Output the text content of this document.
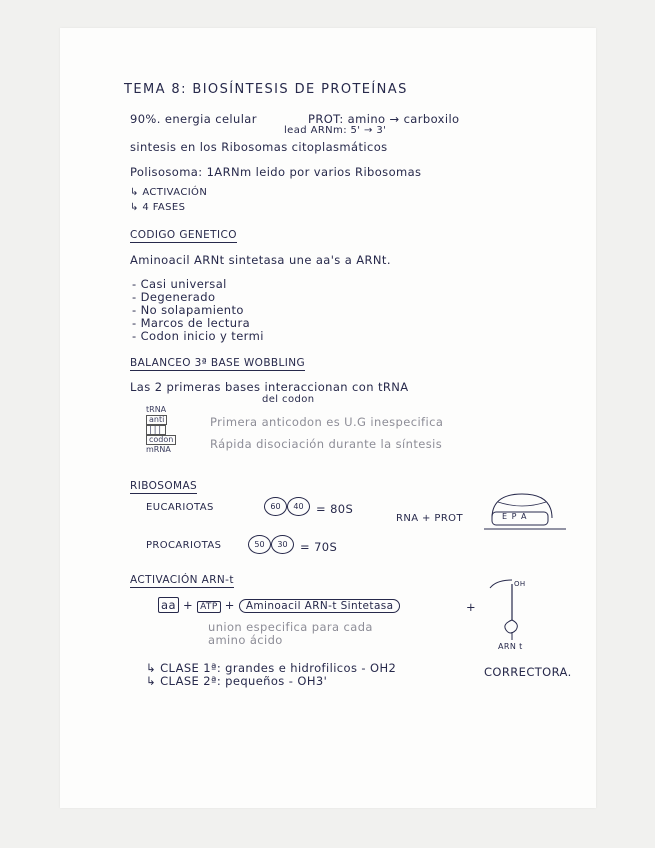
TEMA 8: BIOSÍNTESIS DE PROTEÍNAS
90%. energia celular	PROT: amino → carboxilo
lead ARNm: 5' → 3'
sintesis en los Ribosomas citoplasmáticos
Polisosoma: 1ARNm leido por varios Ribosomas
↳ ACTIVACIÓN
↳ 4 FASES
CODIGO GENETICO
Aminoacil ARNt sintetasa une aa's a ARNt.
- Casi universal
- Degenerado
- No solapamiento
- Marcos de lectura
- Codon inicio y termi
BALANCEO 3ª BASE WOBBLING
Las 2 primeras bases interaccionan con tRNA
del codon
tRNA
anti
|||
codon
mRNA
Primera anticodon es U.G inespecifica
Rápida disociación durante la síntesis
RIBOSOMAS
EUCARIOTAS	60 40	= 80S
PROCARIOTAS	50 30	= 70S
RNA + PROT	E P A
ACTIVACIÓN ARN-t
aa + ATP + Aminoacil ARN-t Sintetasa	+
OH
ARN t
union especifica para cada
amino ácido
↳ CLASE 1ª: grandes e hidrofilicos - OH2
↳ CLASE 2ª: pequeños - OH3'
CORRECTORA.
